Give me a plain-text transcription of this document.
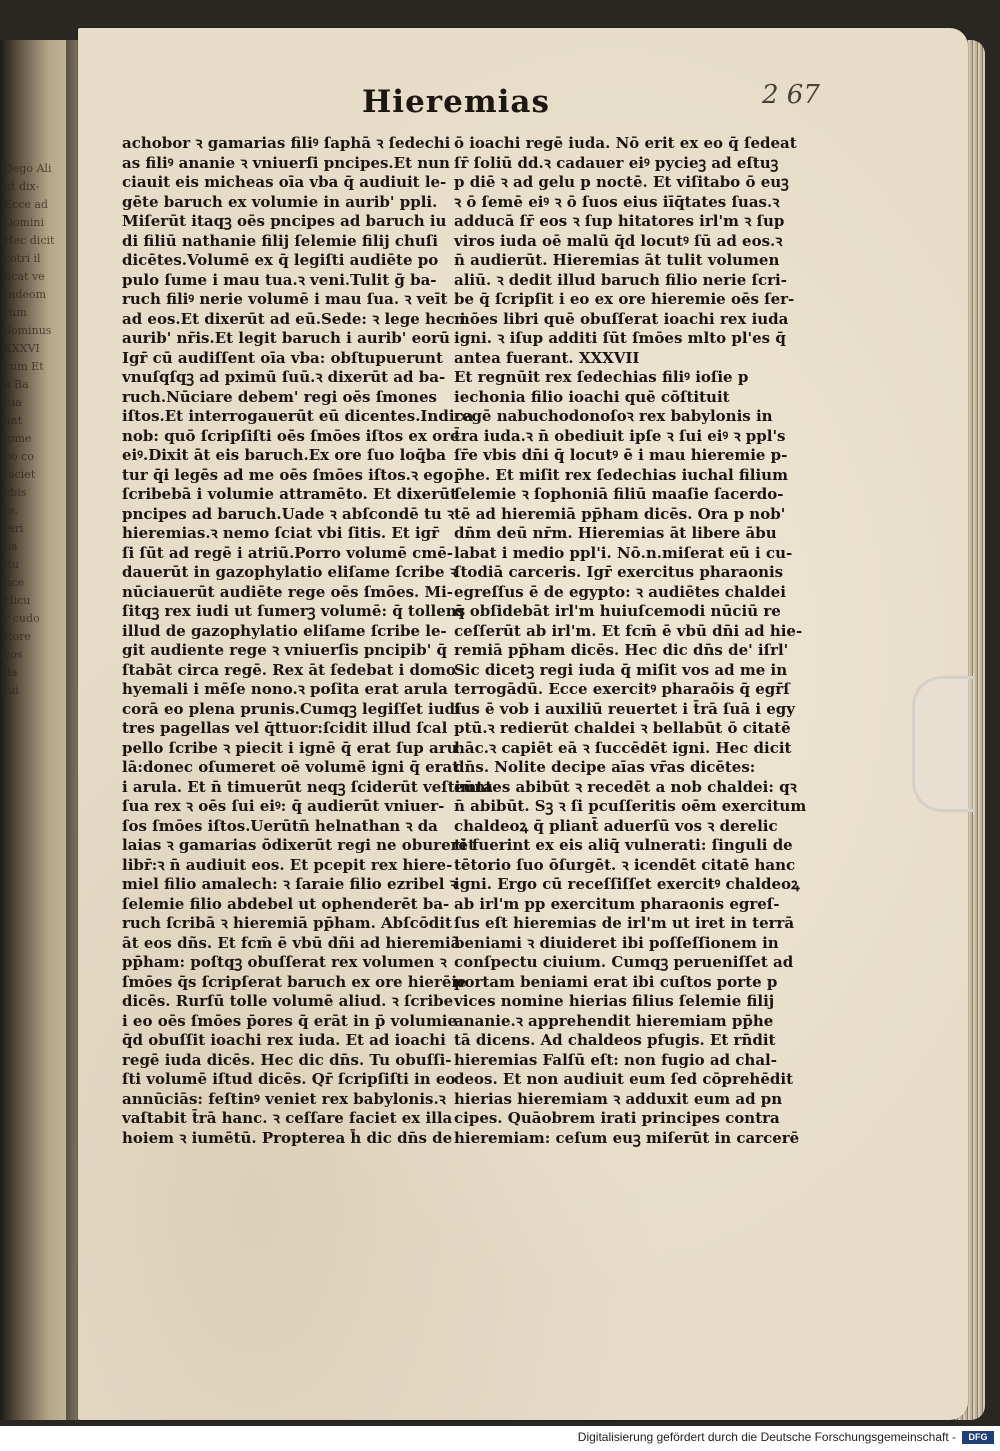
Dego Ali
ut dix-
Ecce ad
Domini
Hec dicit
cotri il
ficat ve
Indeom
rum
dominus
XXXVI
cum Et
a Ba
fua
ant
ipme
bo co
faciet
cbis
fe.
feri
ba
itu
fice
Hicu
r cudo
ftore
vos
da
fui
Hieremias	2 67
achobor ꝛ gamarias filiꝰ ſaphā ꝛ ſedechi
as filiꝰ ananie ꝛ vniuerſi pncipes.Et nun
ciauit eis micheas oīa vba q̄ audiuit le-
gēte baruch ex volumie in aurib' ppli.
Miſerūt itaqꝫ oēs pncipes ad baruch iu
di filiū nathanie filij ſelemie filij chuſi
dicētes.Volumē ex q̄ legiſti audiēte po
pulo ſume i mau tua.ꝛ veni.Tulit ḡ ba-
ruch filiꝰ nerie volumē i mau ſua. ꝛ veīt
ad eos.Et dixerūt ad eū.Sede: ꝛ lege hec i
aurib' nr̄is.Et legit baruch i aurib' eorū
Igr̄ cū audiſſent oīa vba: obſtupuerunt
vnuſqſqꝫ ad pximū ſuū.ꝛ dixerūt ad ba-
ruch.Nūciare debem' regi oēs ſmones
iſtos.Et interrogauerūt eū dicentes.Indica
nob: quō ſcripſiſti oēs ſmōes iſtos ex ore
eiꝰ.Dixit āt eis baruch.Ex ore ſuo loq̄ba
tur q̄i legēs ad me oēs ſmōes iſtos.ꝛ ego
ſcribebā i volumie attramēto. Et dixerūt
pncipes ad baruch.Uade ꝛ abſcondē tu ꝛ
hieremias.ꝛ nemo ſciat vbi ſitis. Et igr̄
ſi ſūt ad regē i atriū.Porro volumē cmē-
dauerūt in gazophylatio eliſame ſcribe ꝛ
nūciauerūt audiēte rege oēs ſmōes. Mi-
ſitqꝫ rex iudi ut ſumerꝫ volumē: q̄ tollens
illud de gazophylatio eliſame ſcribe le-
git audiente rege ꝛ vniuerſis pncipib' q̄
ſtabāt circa regē. Rex āt ſedebat i domo
hyemali i mēſe nono.ꝛ poſita erat arula
corā eo plena prunis.Cumqꝫ legiſſet iudi
tres pagellas vel q̄ttuor:ſcidit illud ſcal
pello ſcribe ꝛ piecit i ignē q̄ erat ſup aru
lā:donec oſumeret oē volumē igni q̄ erat
i arula. Et n̄ timuerūt neqꝫ ſciderūt veſtim̄ta
ſua rex ꝛ oēs ſui eiꝰ: q̄ audierūt vniuer-
ſos ſmōes iſtos.Uerūtn̄ helnathan ꝛ da
laias ꝛ gamarias ōdixerūt regi ne oburerēt
libr̄:ꝛ n̄ audiuit eos. Et pcepit rex hiere-
miel filio amalech: ꝛ ſaraie filio ezribel ꝛ
ſelemie filio abdebel ut ophenderēt ba-
ruch ſcribā ꝛ hieremiā pp̄ham. Abſcōdit
āt eos dñs. Et fcm̄ ē vbū dñi ad hieremiā
pp̄ham: poſtqꝫ obuſſerat rex volumen ꝛ
ſmōes q̄s ſcripſerat baruch ex ore hierēie
dicēs. Rurſū tolle volumē aliud. ꝛ ſcribe
i eo oēs ſmōes p̄ores q̄ erāt in p̄ volumie
q̄d obuſſit ioachi rex iuda. Et ad ioachi
regē iuda dicēs. Hec dic dn̄s. Tu obuſſi-
ſti volumē iſtud dicēs. Qr̄ ſcripſiſti in eo
annūciās: feſtinꝰ veniet rex babylonis.ꝛ
vaſtabit t̄rā hanc. ꝛ ceſſare faciet ex illa
hoiem ꝛ iumētū. Propterea h̄ dic dn̄s de
ō ioachi regē iuda. Nō erit ex eo q̄ ſedeat
ſr̄ ſoliū dd.ꝛ cadauer eiꝰ pycieꝫ ad eſtuꝫ
p diē ꝛ ad gelu p noctē. Et viſitabo ō euꝫ
ꝛ ō ſemē eiꝰ ꝛ ō ſuos eius iīq̄tates ſuas.ꝛ
adducā ſr̄ eos ꝛ ſup hitatores irl'm ꝛ ſup
viros iuda oē malū q̄d locutꝰ ſū ad eos.ꝛ
n̄ audierūt. Hieremias āt tulit volumen
aliū. ꝛ dedit illud baruch filio nerie ſcri-
be q̄ ſcripſit i eo ex ore hieremie oēs ſer-
mōes libri quē obuſſerat ioachi rex iuda
igni. ꝛ iſup additi ſūt ſmōes mlto pl'es q̄
antea fuerant. XXXVII
Et regnūit rex ſedechias filiꝰ ioſie p
iechonia filio ioachi quē cōſtituit
regē nabuchodonoſoꝛ rex babylonis in
t̄ra iuda.ꝛ n̄ obediuit ipſe ꝛ ſui eiꝰ ꝛ ppl's
ſr̄e vbis dn̄i q̄ locutꝰ ē i mau hieremie p-
p̄he. Et miſit rex ſedechias iuchal filium
ſelemie ꝛ ſophoniā filiū maaſie ſacerdo-
tē ad hieremiā pp̄ham dicēs. Ora p nob'
dn̄m deū nr̄m. Hieremias āt libere ābu
labat i medio ppl'i. Nō.n.miſerat eū i cu-
ſtodiā carceris. Igr̄ exercitus pharaonis
egreſſus ē de egypto: ꝛ audiētes chaldei
q̄ obſidebāt irl'm huiuſcemodi nūciū re
ceſſerūt ab irl'm. Et fcm̄ ē vbū dn̄i ad hie-
remiā pp̄ham dicēs. Hec dic dn̄s de' iſrl'
Sic dicetꝫ regi iuda q̄ miſit vos ad me in
terrogādū. Ecce exercitꝰ pharaōis q̄ egr̄ſ
ſus ē vob i auxiliū reuertet i t̄rā ſuā i egy
ptū.ꝛ redierūt chaldei ꝛ bellabūt ō citatē
hāc.ꝛ capiēt eā ꝛ ſuccēdēt igni. Hec dicit
dn̄s. Nolite decipe aīas vr̄as dicētes:
euntes abibūt ꝛ recedēt a nob chaldei: qꝛ
n̄ abibūt. Sꝫ ꝛ ſi pcuſſeritis oēm exercitum
chaldeoꝝ q̄ pliant̄ aduerſū vos ꝛ derelic
ti fuerint ex eis aliq̄ vulnerati: ſinguli de
tētorio ſuo ōſurgēt. ꝛ icendēt citatē hanc
igni. Ergo cū receſſiſſet exercitꝰ chaldeoꝝ
ab irl'm pp exercitum pharaonis egreſ-
ſus eſt hieremias de irl'm ut iret in terrā
beniami ꝛ diuideret ibi poſſeſſionem in
conſpectu ciuium. Cumqꝫ perueniſſet ad
portam beniami erat ibi cuſtos porte p
vices nomine hierias filius ſelemie filij
ananie.ꝛ apprehendit hieremiam pp̄he
tā dicens. Ad chaldeos pfugis. Et rn̄dit
hieremias Falſū eſt: non fugio ad chal-
deos. Et non audiuit eum ſed cōprehēdit
hierias hieremiam ꝛ adduxit eum ad pn
cipes. Quāobrem irati principes contra
hieremiam: ceſum euꝫ miſerūt in carcerē
Digitalisierung gefördert durch die Deutsche Forschungsgemeinschaft -	DFG
